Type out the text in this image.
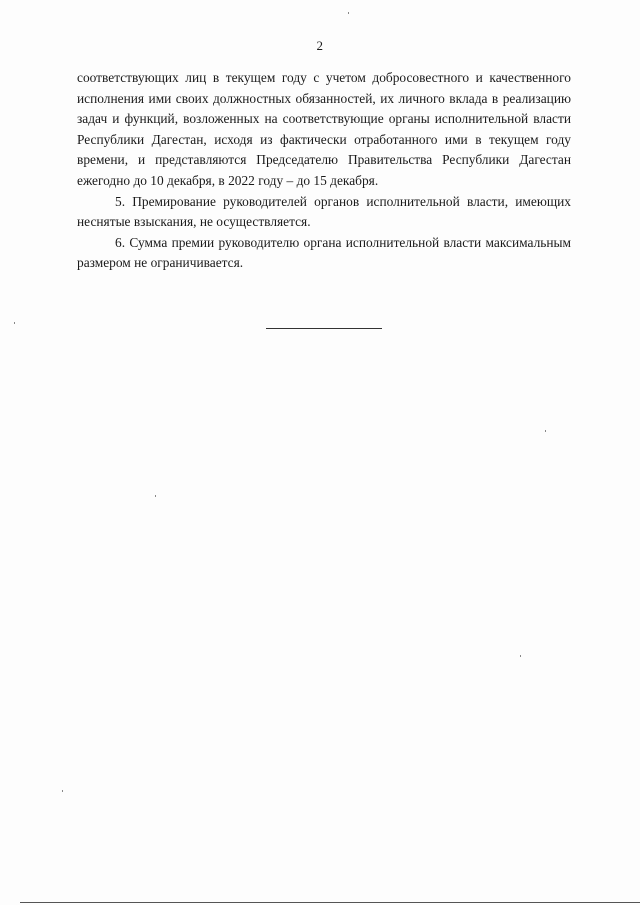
2

соответствующих лиц в текущем году с учетом добросовестного и качественного исполнения ими своих должностных обязанностей, их личного вклада в реализацию задач и функций, возложенных на соответствующие органы исполнительной власти Республики Дагестан, исходя из фактически отработанного ими в текущем году времени, и представляются Председателю Правительства Республики Дагестан ежегодно до 10 декабря, в 2022 году – до 15 декабря.

5. Премирование руководителей органов исполнительной власти, имеющих неснятые взыскания, не осуществляется.

6. Сумма премии руководителю органа исполнительной власти максимальным размером не ограничивается.
